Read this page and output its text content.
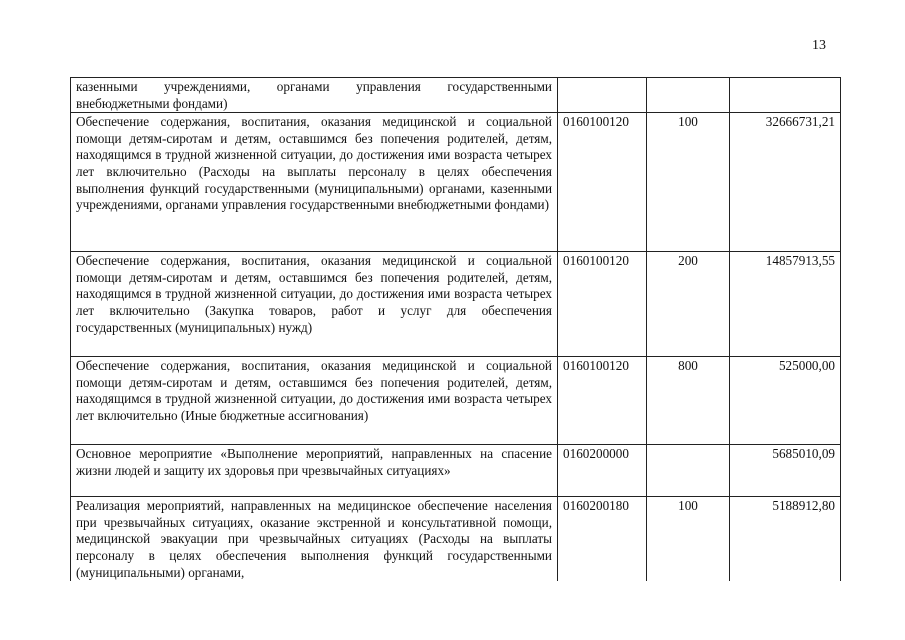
13
казенными учреждениями, органами управления государственными внебюджетными фондами)			
Обеспечение содержания, воспитания, оказания медицинской и социальной помощи детям-сиротам и детям, оставшимся без попечения родителей, детям, находящимся в трудной жизненной ситуации, до достижения ими возраста четырех лет включительно (Расходы на выплаты персоналу в целях обеспечения выполнения функций государственными (муниципальными) органами, казенными учреждениями, органами управления государственными внебюджетными фондами)	0160100120	100	32666731,21
Обеспечение содержания, воспитания, оказания медицинской и социальной помощи детям-сиротам и детям, оставшимся без попечения родителей, детям, находящимся в трудной жизненной ситуации, до достижения ими возраста четырех лет включительно (Закупка товаров, работ и услуг для обеспечения государственных (муниципальных) нужд)	0160100120	200	14857913,55
Обеспечение содержания, воспитания, оказания медицинской и социальной помощи детям-сиротам и детям, оставшимся без попечения родителей, детям, находящимся в трудной жизненной ситуации, до достижения ими возраста четырех лет включительно (Иные бюджетные ассигнования)	0160100120	800	525000,00
Основное мероприятие «Выполнение мероприятий, направленных на спасение жизни людей и защиту их здоровья при чрезвычайных ситуациях»	0160200000		5685010,09
Реализация мероприятий, направленных на медицинское обеспечение населения при чрезвычайных ситуациях, оказание экстренной и консультативной помощи, медицинской эвакуации при чрезвычайных ситуациях (Расходы на выплаты персоналу в целях обеспечения выполнения функций государственными (муниципальными) органами,	0160200180	100	5188912,80
